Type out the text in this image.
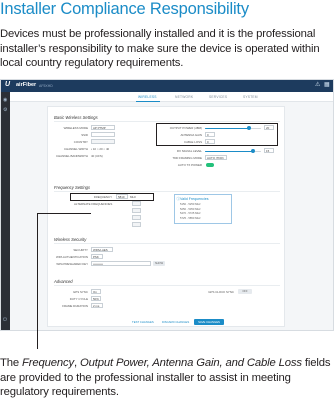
Installer Compliance Responsibility
Devices must be professionally installed and it is the professional installer’s responsibility to make sure the device is operated within local country regulatory requirements.
U airFiber AF5XHD	⚠ ▦
◉
⚙
⏻
WIRELESS	NETWORK	SERVICES	SYSTEM
Basic Wireless Settings
WIRELESS MODE	AP PTMP
SSID
COUNTRY
CHANNEL WIDTH • 10 ○ 20 ○ 40
CHANNEL BANDWIDTH 40 (UFS)
OUTPUT POWER (dBM)	20
ANTENNA GAIN	0
CABLE LOSS	0
RX SIGNAL LEVEL	15
TDD FRAMING MODE	AUTO (TDD)
AUTO TX POWER
Frequency Settings
FREQUENCY	5810	MHz
ALTERNATE FREQUENCIES
ⓘ Valid Frequencies
5150 - 5250 MHz
5250 - 5350 MHz
5470 - 5725 MHz
5725 - 5850 MHz
Wireless Security
SECURITY	WPA2-AES
WPA AUTHENTICATION	PSK
WPA PRESHARED KEY	••••••••••	SHOW
Advanced
GPS SYNC	On
DUTY CYCLE	50%
FRAME DURATION	2 ms
GPS CLOCK SYNC	OFF
TEST CHANGES	DISCARD CHANGES	SAVE CHANGES
The Frequency, Output Power, Antenna Gain, and Cable Loss fields are provided to the professional installer to assist in meeting regulatory requirements.
